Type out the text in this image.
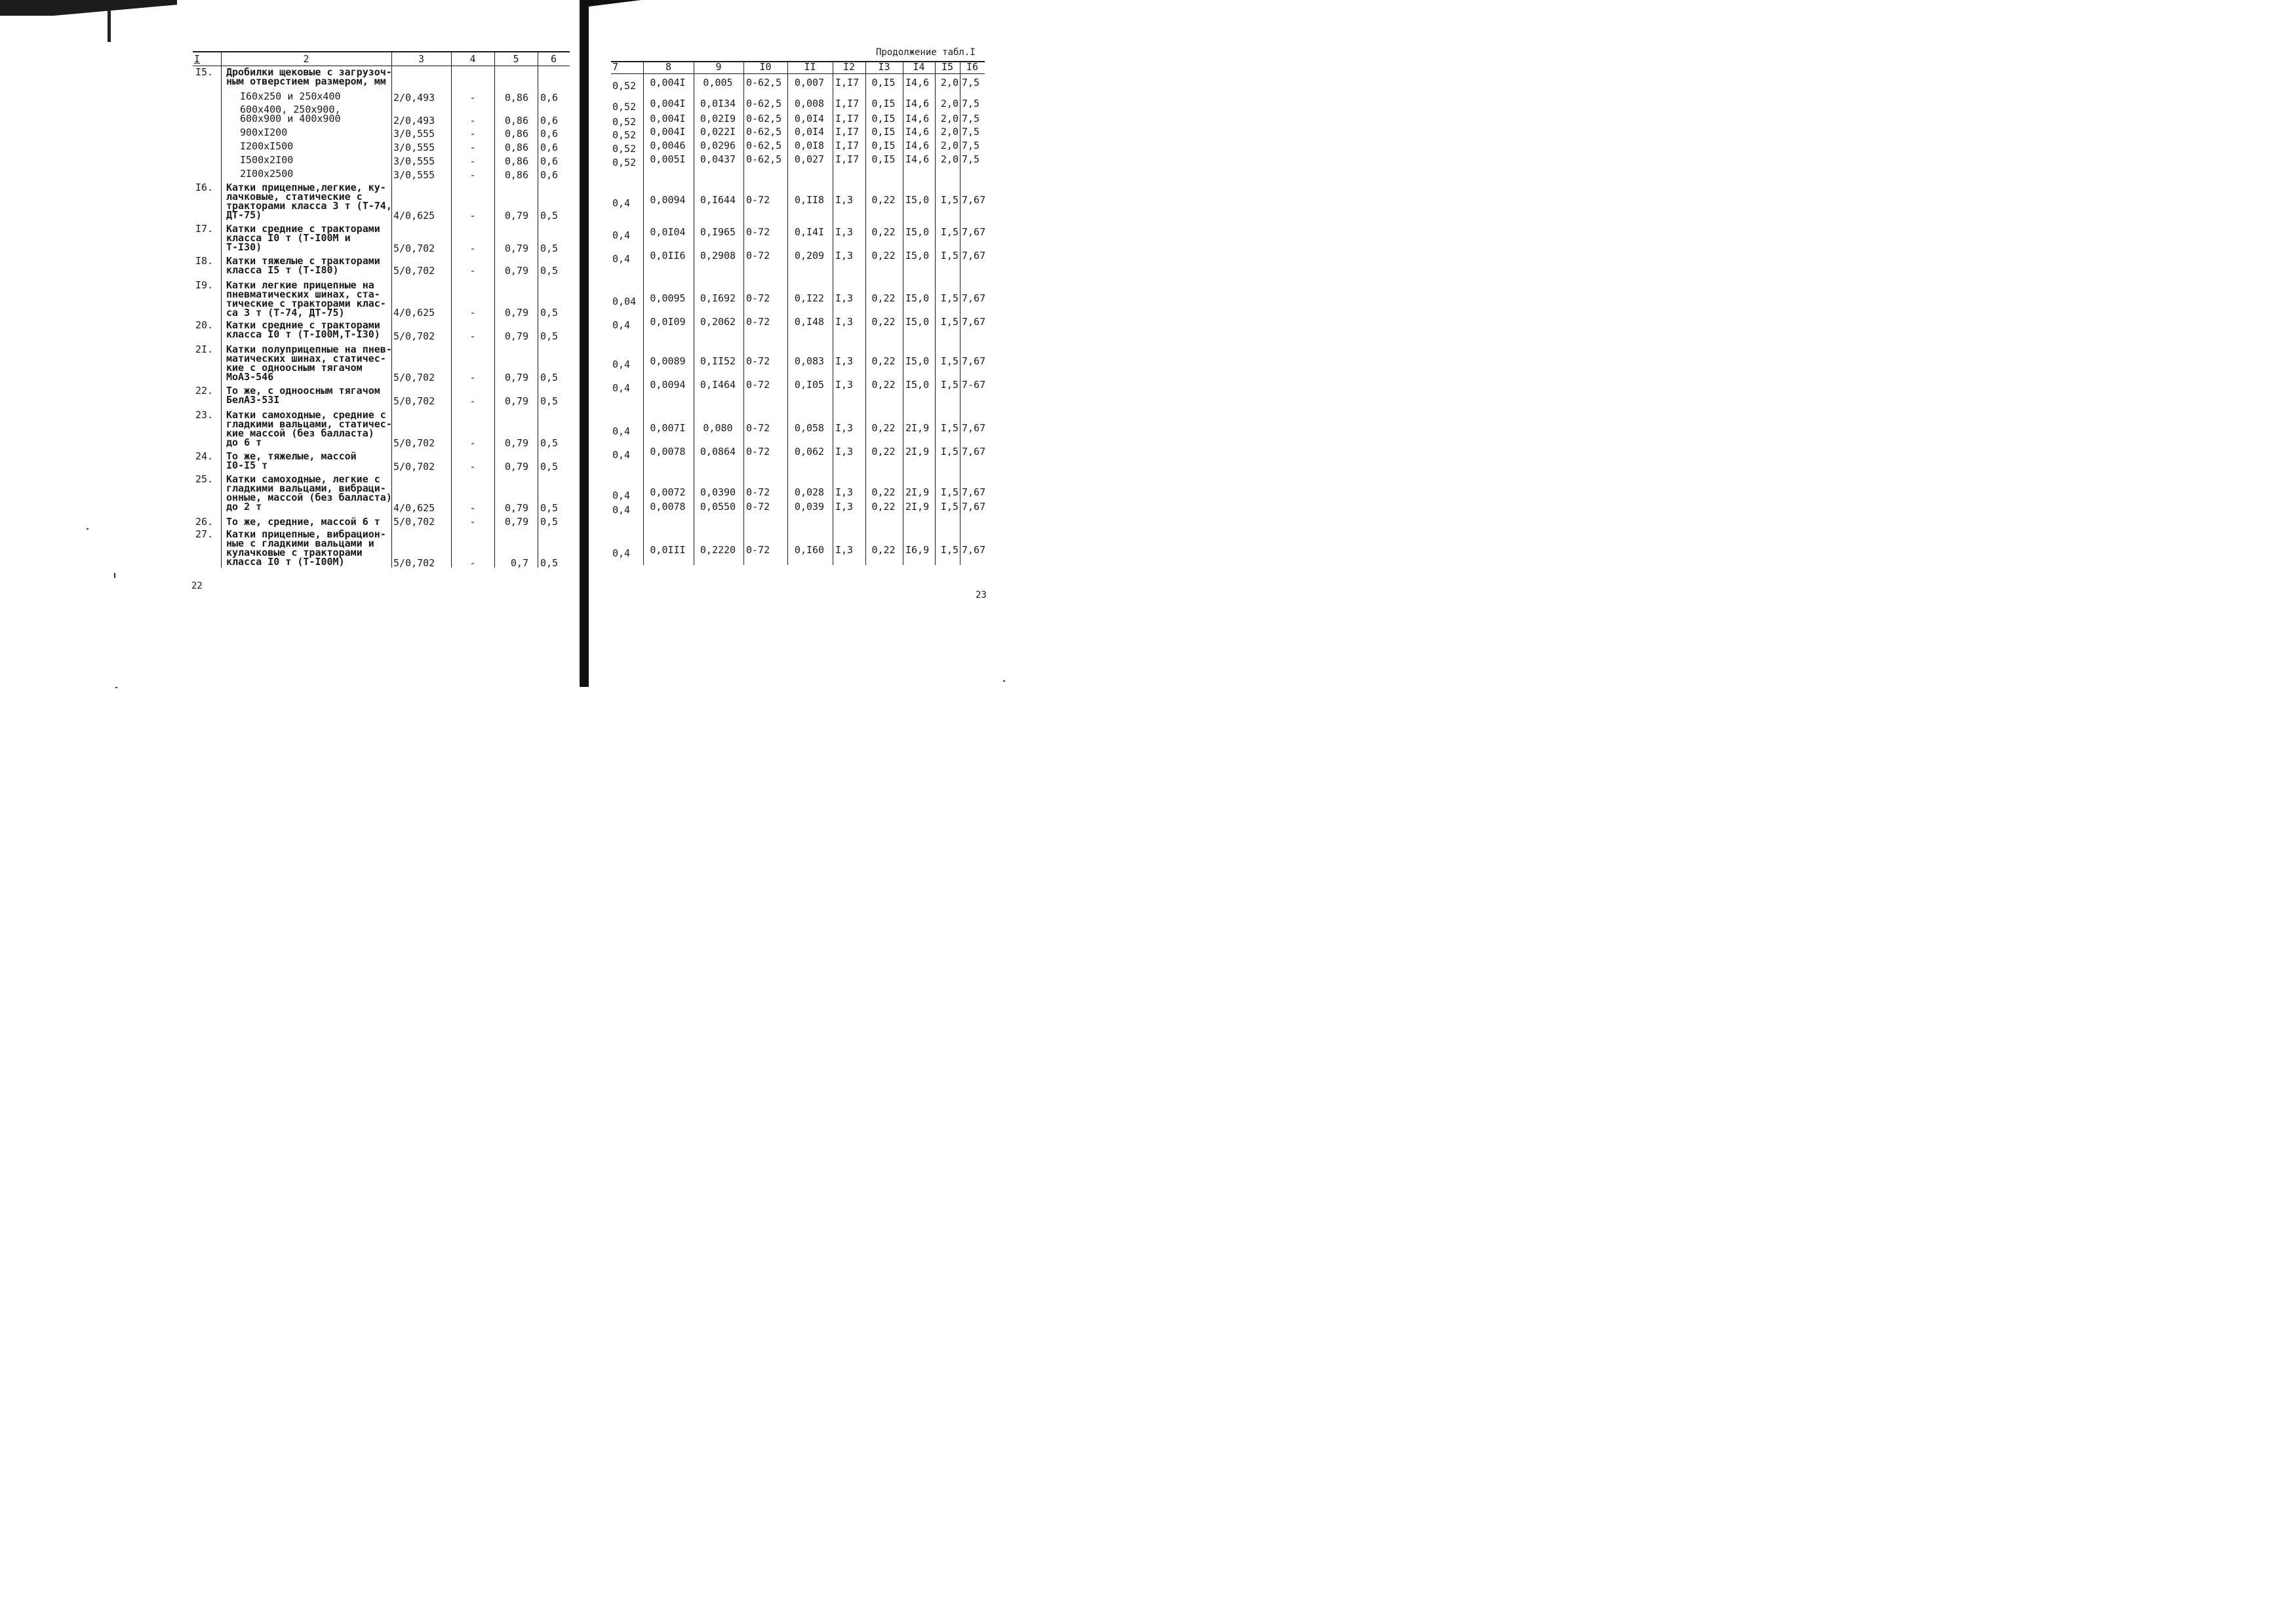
I	2	3	4	5	6
I5. Дробилки щековые с загрузоч-
ным отверстием размером, мм
I60x250 и 250x400	2/0,493	-	0,86 0,6
600x400, 250x900,
600x900 и 400x900	2/0,493	-	0,86 0,6
900xI200	3/0,555	-	0,86 0,6
I200xI500	3/0,555	-	0,86 0,6
I500x2I00	3/0,555	-	0,86 0,6
2I00x2500	3/0,555	-	0,86 0,6
I6. Катки прицепные,легкие, ку-
лачковые, статические с
тракторами класса 3 т (Т-74,
ДТ-75)	4/0,625	-	0,79 0,5
I7. Катки средние с тракторами
класса I0 т (Т-I00М и
Т-I30)	5/0,702	-	0,79 0,5
I8. Катки тяжелые с тракторами
класса I5 т (Т-I80)	5/0,702	-	0,79 0,5
I9. Катки легкие прицепные на
пневматических шинах, ста-
тические с тракторами клас-
са 3 т (Т-74, ДТ-75)	4/0,625	-	0,79 0,5
20. Катки средние с тракторами
класса I0 т (Т-I00М,Т-I30) 5/0,702	-	0,79 0,5
2I. Катки полуприцепные на пнев-
матических шинах, статичес-
кие с одноосным тягачом
МоАЗ-546	5/0,702	-	0,79 0,5
22. То же, с одноосным тягачом
БелАЗ-53I	5/0,702	-	0,79 0,5
23. Катки самоходные, средние с
гладкими вальцами, статичес-
кие массой (без балласта)
до 6 т	5/0,702	-	0,79 0,5
24. То же, тяжелые, массой
I0-I5 т	5/0,702	-	0,79 0,5
25. Катки самоходные, легкие с
гладкими вальцами, вибраци-
онные, массой (без балласта)
до 2 т	4/0,625	-	0,79 0,5
26. То же, средние, массой 6 т 5/0,702	-	0,79 0,5
27. Катки прицепные, вибрацион-
ные с гладкими вальцами и
кулачковые с тракторами
класса I0 т (Т-I00М)	5/0,702	-	0,7 0,5
22
Продолжение табл.I
7	8	9	I0	II	I2	I3	I4	I5	I6
0,52	0,004I	0,005	0-62,5	0,007	I,I7	0,I5	I4,6	2,0 7,5
0,52	0,004I	0,0I34	0-62,5	0,008	I,I7	0,I5	I4,6	2,0 7,5
0,52	0,004I	0,02I9	0-62,5	0,0I4	I,I7	0,I5	I4,6	2,0 7,5
0,52	0,004I	0,022I	0-62,5	0,0I4	I,I7	0,I5	I4,6	2,0 7,5
0,52	0,0046	0,0296	0-62,5	0,0I8	I,I7	0,I5	I4,6	2,0 7,5
0,52	0,005I	0,0437	0-62,5	0,027	I,I7	0,I5	I4,6	2,0 7,5
0,4	0,0094	0,I644	0-72	0,II8	I,3	0,22	I5,0	I,5 7,67
0,4	0,0I04	0,I965	0-72	0,I4I	I,3	0,22	I5,0	I,5 7,67
0,4	0,0II6	0,2908	0-72	0,209	I,3	0,22	I5,0	I,5 7,67
0,04	0,0095	0,I692	0-72	0,I22	I,3	0,22	I5,0	I,5 7,67
0,4	0,0I09	0,2062	0-72	0,I48	I,3	0,22	I5,0	I,5 7,67
0,4	0,0089	0,II52	0-72	0,083	I,3	0,22	I5,0	I,5 7,67
0,4	0,0094	0,I464	0-72	0,I05	I,3	0,22	I5,0	I,5 7-67
0,4	0,007I	0,080	0-72	0,058	I,3	0,22	2I,9	I,5 7,67
0,4	0,0078	0,0864	0-72	0,062	I,3	0,22	2I,9	I,5 7,67
0,4	0,0072	0,0390	0-72	0,028	I,3	0,22	2I,9	I,5 7,67
0,4	0,0078	0,0550	0-72	0,039	I,3	0,22	2I,9	I,5 7,67
0,4	0,0III	0,2220	0-72	0,I60	I,3	0,22	I6,9	I,5 7,67
23
